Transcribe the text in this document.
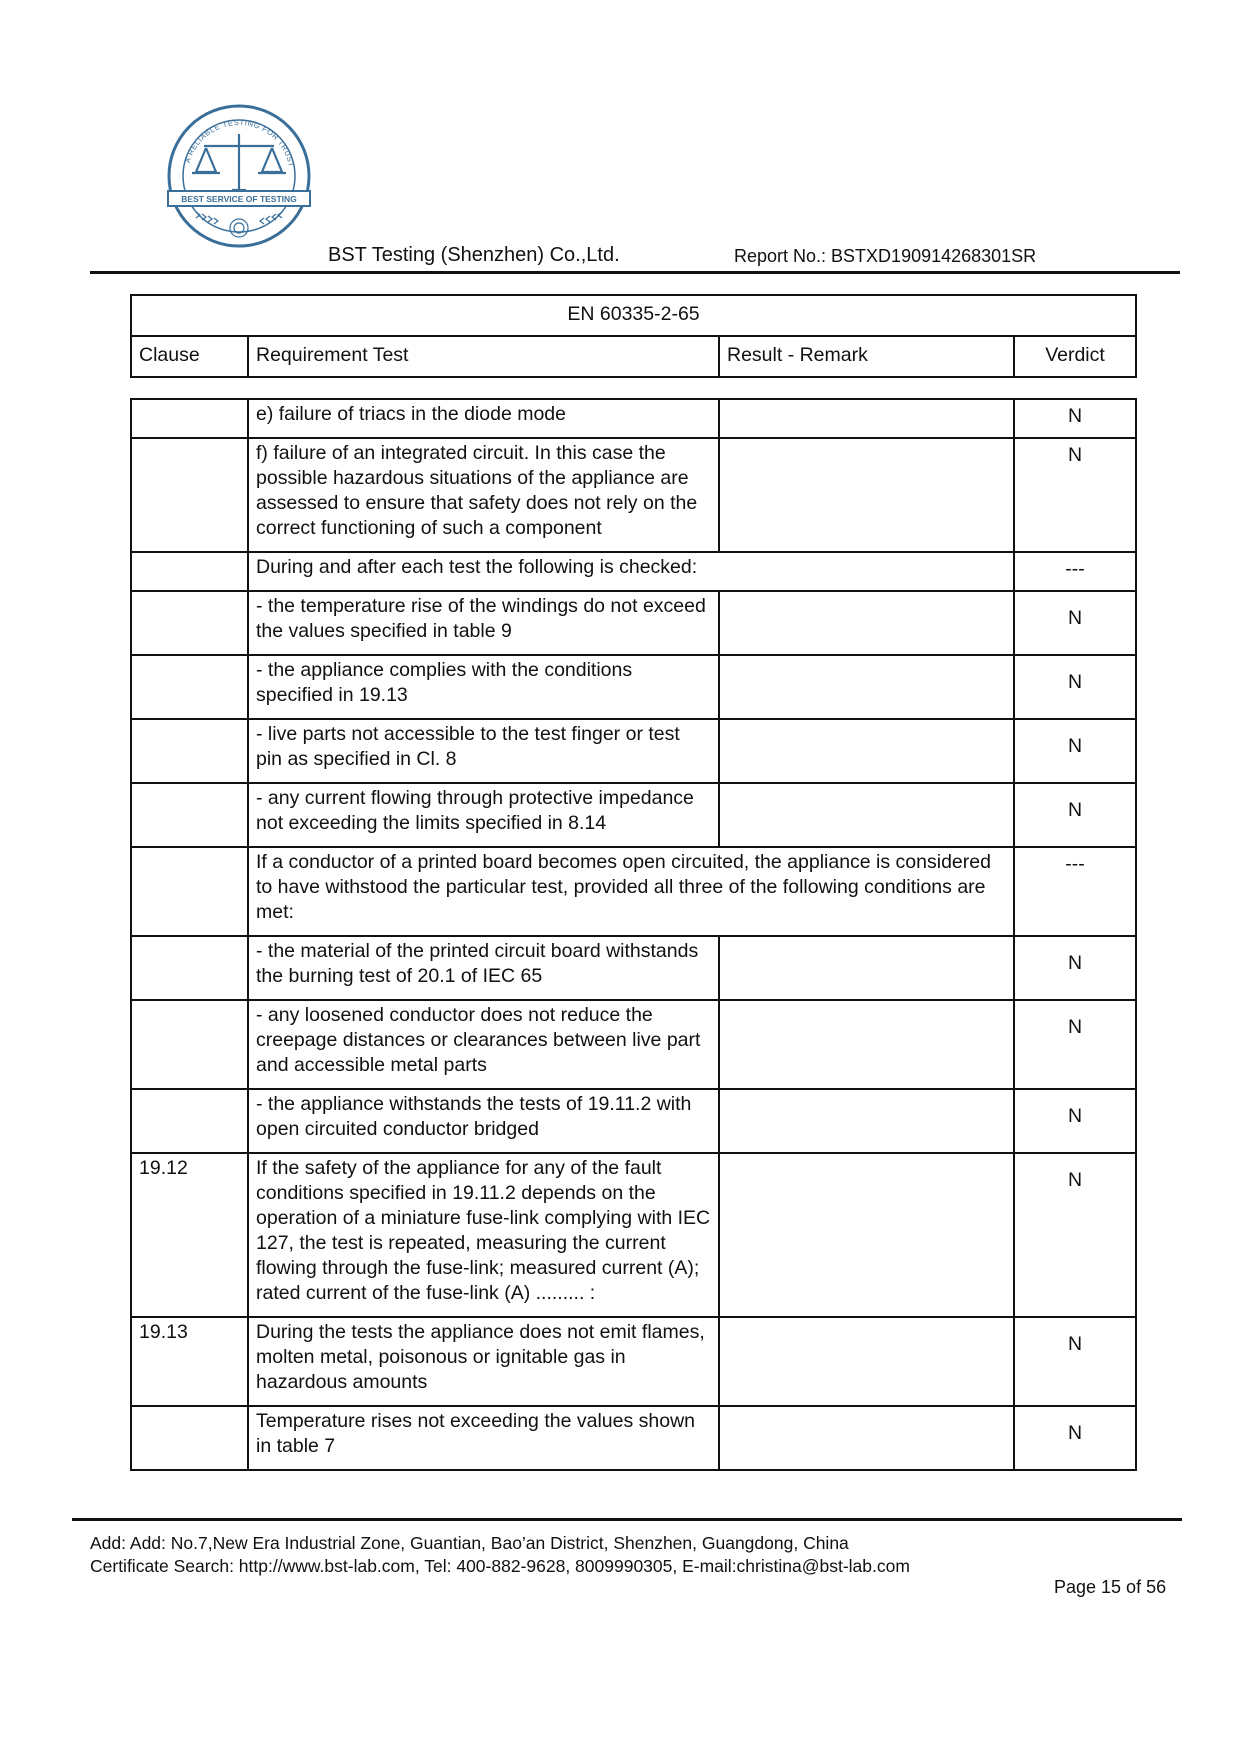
A RELIABLE TESTING FOR TRUST
BEST SERVICE OF TESTING
BST Testing (Shenzhen) Co.,Ltd.	Report No.: BSTXD190914268301SR
EN 60335-2-65
Clause	Requirement Test	Result - Remark	Verdict
	e) failure of triacs in the diode mode		N
	f) failure of an integrated circuit. In this case the possible hazardous situations of the appliance are assessed to ensure that safety does not rely on the correct functioning of such a component		N
	During and after each test the following is checked:		---
	- the temperature rise of the windings do not exceed the values specified in table 9		N
	- the appliance complies with the conditions specified in 19.13		N
	- live parts not accessible to the test finger or test pin as specified in Cl. 8		N
	- any current flowing through protective impedance not exceeding the limits specified in 8.14		N
	If a conductor of a printed board becomes open circuited, the appliance is considered to have withstood the particular test, provided all three of the following conditions are met:		---
	- the material of the printed circuit board withstands the burning test of 20.1 of IEC 65		N
	- any loosened conductor does not reduce the creepage distances or clearances between live part and accessible metal parts		N
	- the appliance withstands the tests of 19.11.2 with open circuited conductor bridged		N
19.12	If the safety of the appliance for any of the fault conditions specified in 19.11.2 depends on the operation of a miniature fuse-link complying with IEC 127, the test is repeated, measuring the current flowing through the fuse-link; measured current (A); rated current of the fuse-link (A) ......... :		N
19.13	During the tests the appliance does not emit flames, molten metal, poisonous or ignitable gas in hazardous amounts		N
	Temperature rises not exceeding the values shown in table 7		N
Add: Add: No.7,New Era Industrial Zone, Guantian, Bao’an District, Shenzhen, Guangdong, China
Certificate Search: http://www.bst-lab.com, Tel: 400-882-9628, 8009990305, E-mail:christina@bst-lab.com
Page 15 of 56
